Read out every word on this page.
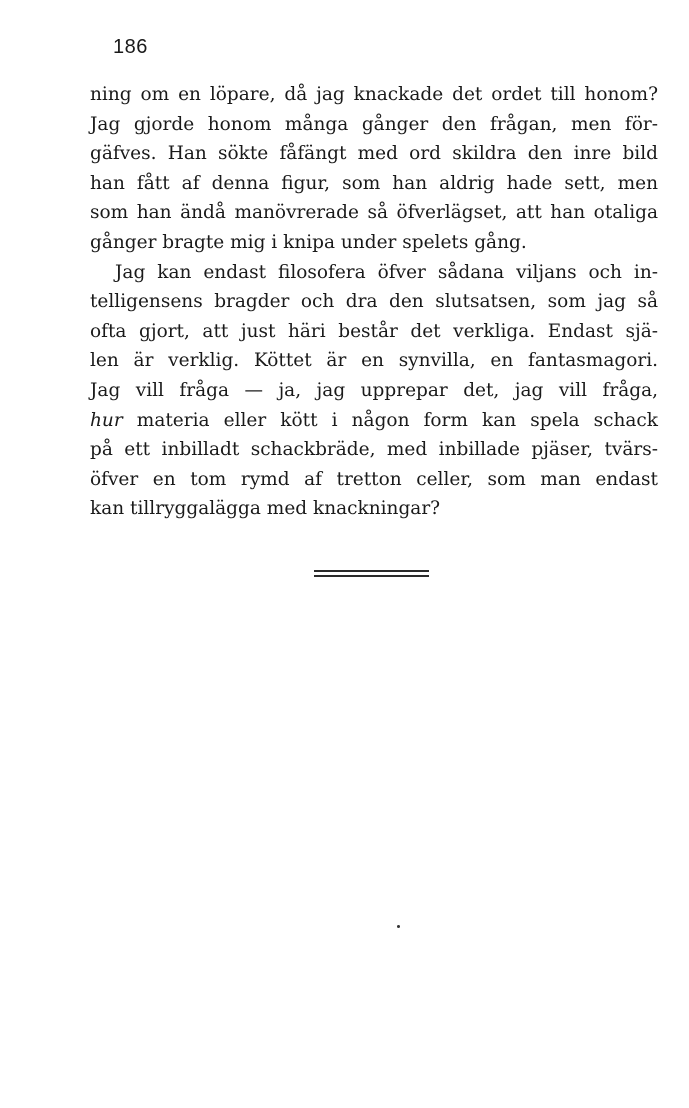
186
ning om en löpare, då jag knackade det ordet till honom?
Jag gjorde honom många gånger den frågan, men för-
gäfves. Han sökte fåfängt med ord skildra den inre bild
han fått af denna figur, som han aldrig hade sett, men
som han ändå manövrerade så öfverlägset, att han otaliga
gånger bragte mig i knipa under spelets gång.
Jag kan endast filosofera öfver sådana viljans och in-
telligensens bragder och dra den slutsatsen, som jag så
ofta gjort, att just häri består det verkliga. Endast sjä-
len är verklig. Köttet är en synvilla, en fantasmagori.
Jag vill fråga — ja, jag upprepar det, jag vill fråga,
hur materia eller kött i någon form kan spela schack
på ett inbilladt schackbräde, med inbillade pjäser, tvärs-
öfver en tom rymd af tretton celler, som man endast
kan tillryggalägga med knackningar?
